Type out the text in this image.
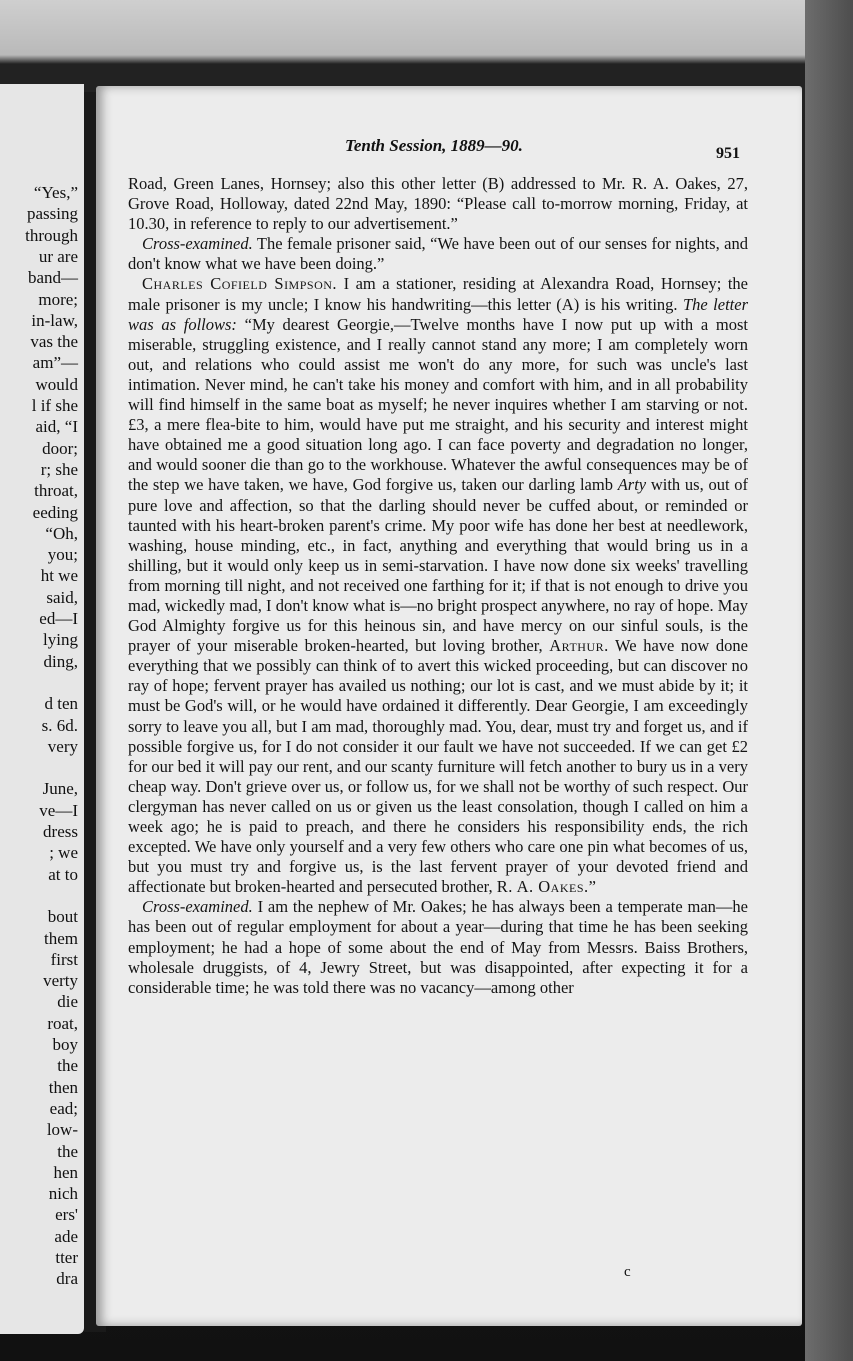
“Yes,”
passing
through
ur are
band—
more;
in-law,
vas the
am”—
would
l if she
aid, “I
door;
r; she
throat,
eeding
“Oh,
you;
ht we
said,
ed—I
lying
ding,
d ten
s. 6d.
very
June,
ve—I
dress
; we
at to
bout
them
first
verty
die
roat,
boy
the
then
ead;
low-
the
hen
nich
ers'
ade
tter
dra
Tenth Session, 1889—90.	951

Road, Green Lanes, Hornsey; also this other letter (B) addressed to Mr. R. A. Oakes, 27, Grove Road, Holloway, dated 22nd May, 1890: “Please call to-morrow morning, Friday, at 10.30, in reference to reply to our advertisement.”

Cross-examined. The female prisoner said, “We have been out of our senses for nights, and don't know what we have been doing.”

Charles Cofield Simpson. I am a stationer, residing at Alexandra Road, Hornsey; the male prisoner is my uncle; I know his handwriting—this letter (A) is his writing. The letter was as follows: “My dearest Georgie,—Twelve months have I now put up with a most miserable, struggling existence, and I really cannot stand any more; I am completely worn out, and relations who could assist me won't do any more, for such was uncle's last intimation. Never mind, he can't take his money and comfort with him, and in all probability will find himself in the same boat as myself; he never inquires whether I am starving or not. £3, a mere flea-bite to him, would have put me straight, and his security and interest might have obtained me a good situation long ago. I can face poverty and degradation no longer, and would sooner die than go to the workhouse. Whatever the awful consequences may be of the step we have taken, we have, God forgive us, taken our darling lamb Arty with us, out of pure love and affection, so that the darling should never be cuffed about, or reminded or taunted with his heart-broken parent's crime. My poor wife has done her best at needlework, washing, house minding, etc., in fact, anything and everything that would bring us in a shilling, but it would only keep us in semi-starvation. I have now done six weeks' travelling from morning till night, and not received one farthing for it; if that is not enough to drive you mad, wickedly mad, I don't know what is—no bright prospect anywhere, no ray of hope. May God Almighty forgive us for this heinous sin, and have mercy on our sinful souls, is the prayer of your miserable broken-hearted, but loving brother, Arthur. We have now done everything that we possibly can think of to avert this wicked proceeding, but can discover no ray of hope; fervent prayer has availed us nothing; our lot is cast, and we must abide by it; it must be God's will, or he would have ordained it differently. Dear Georgie, I am exceedingly sorry to leave you all, but I am mad, thoroughly mad. You, dear, must try and forget us, and if possible forgive us, for I do not consider it our fault we have not succeeded. If we can get £2 for our bed it will pay our rent, and our scanty furniture will fetch another to bury us in a very cheap way. Don't grieve over us, or follow us, for we shall not be worthy of such respect. Our clergyman has never called on us or given us the least consolation, though I called on him a week ago; he is paid to preach, and there he considers his responsibility ends, the rich excepted. We have only yourself and a very few others who care one pin what becomes of us, but you must try and forgive us, is the last fervent prayer of your devoted friend and affectionate but broken-hearted and persecuted brother, R. A. Oakes.”

Cross-examined. I am the nephew of Mr. Oakes; he has always been a temperate man—he has been out of regular employment for about a year—during that time he has been seeking employment; he had a hope of some about the end of May from Messrs. Baiss Brothers, wholesale druggists, of 4, Jewry Street, but was disappointed, after expecting it for a considerable time; he was told there was no vacancy—among other

c
